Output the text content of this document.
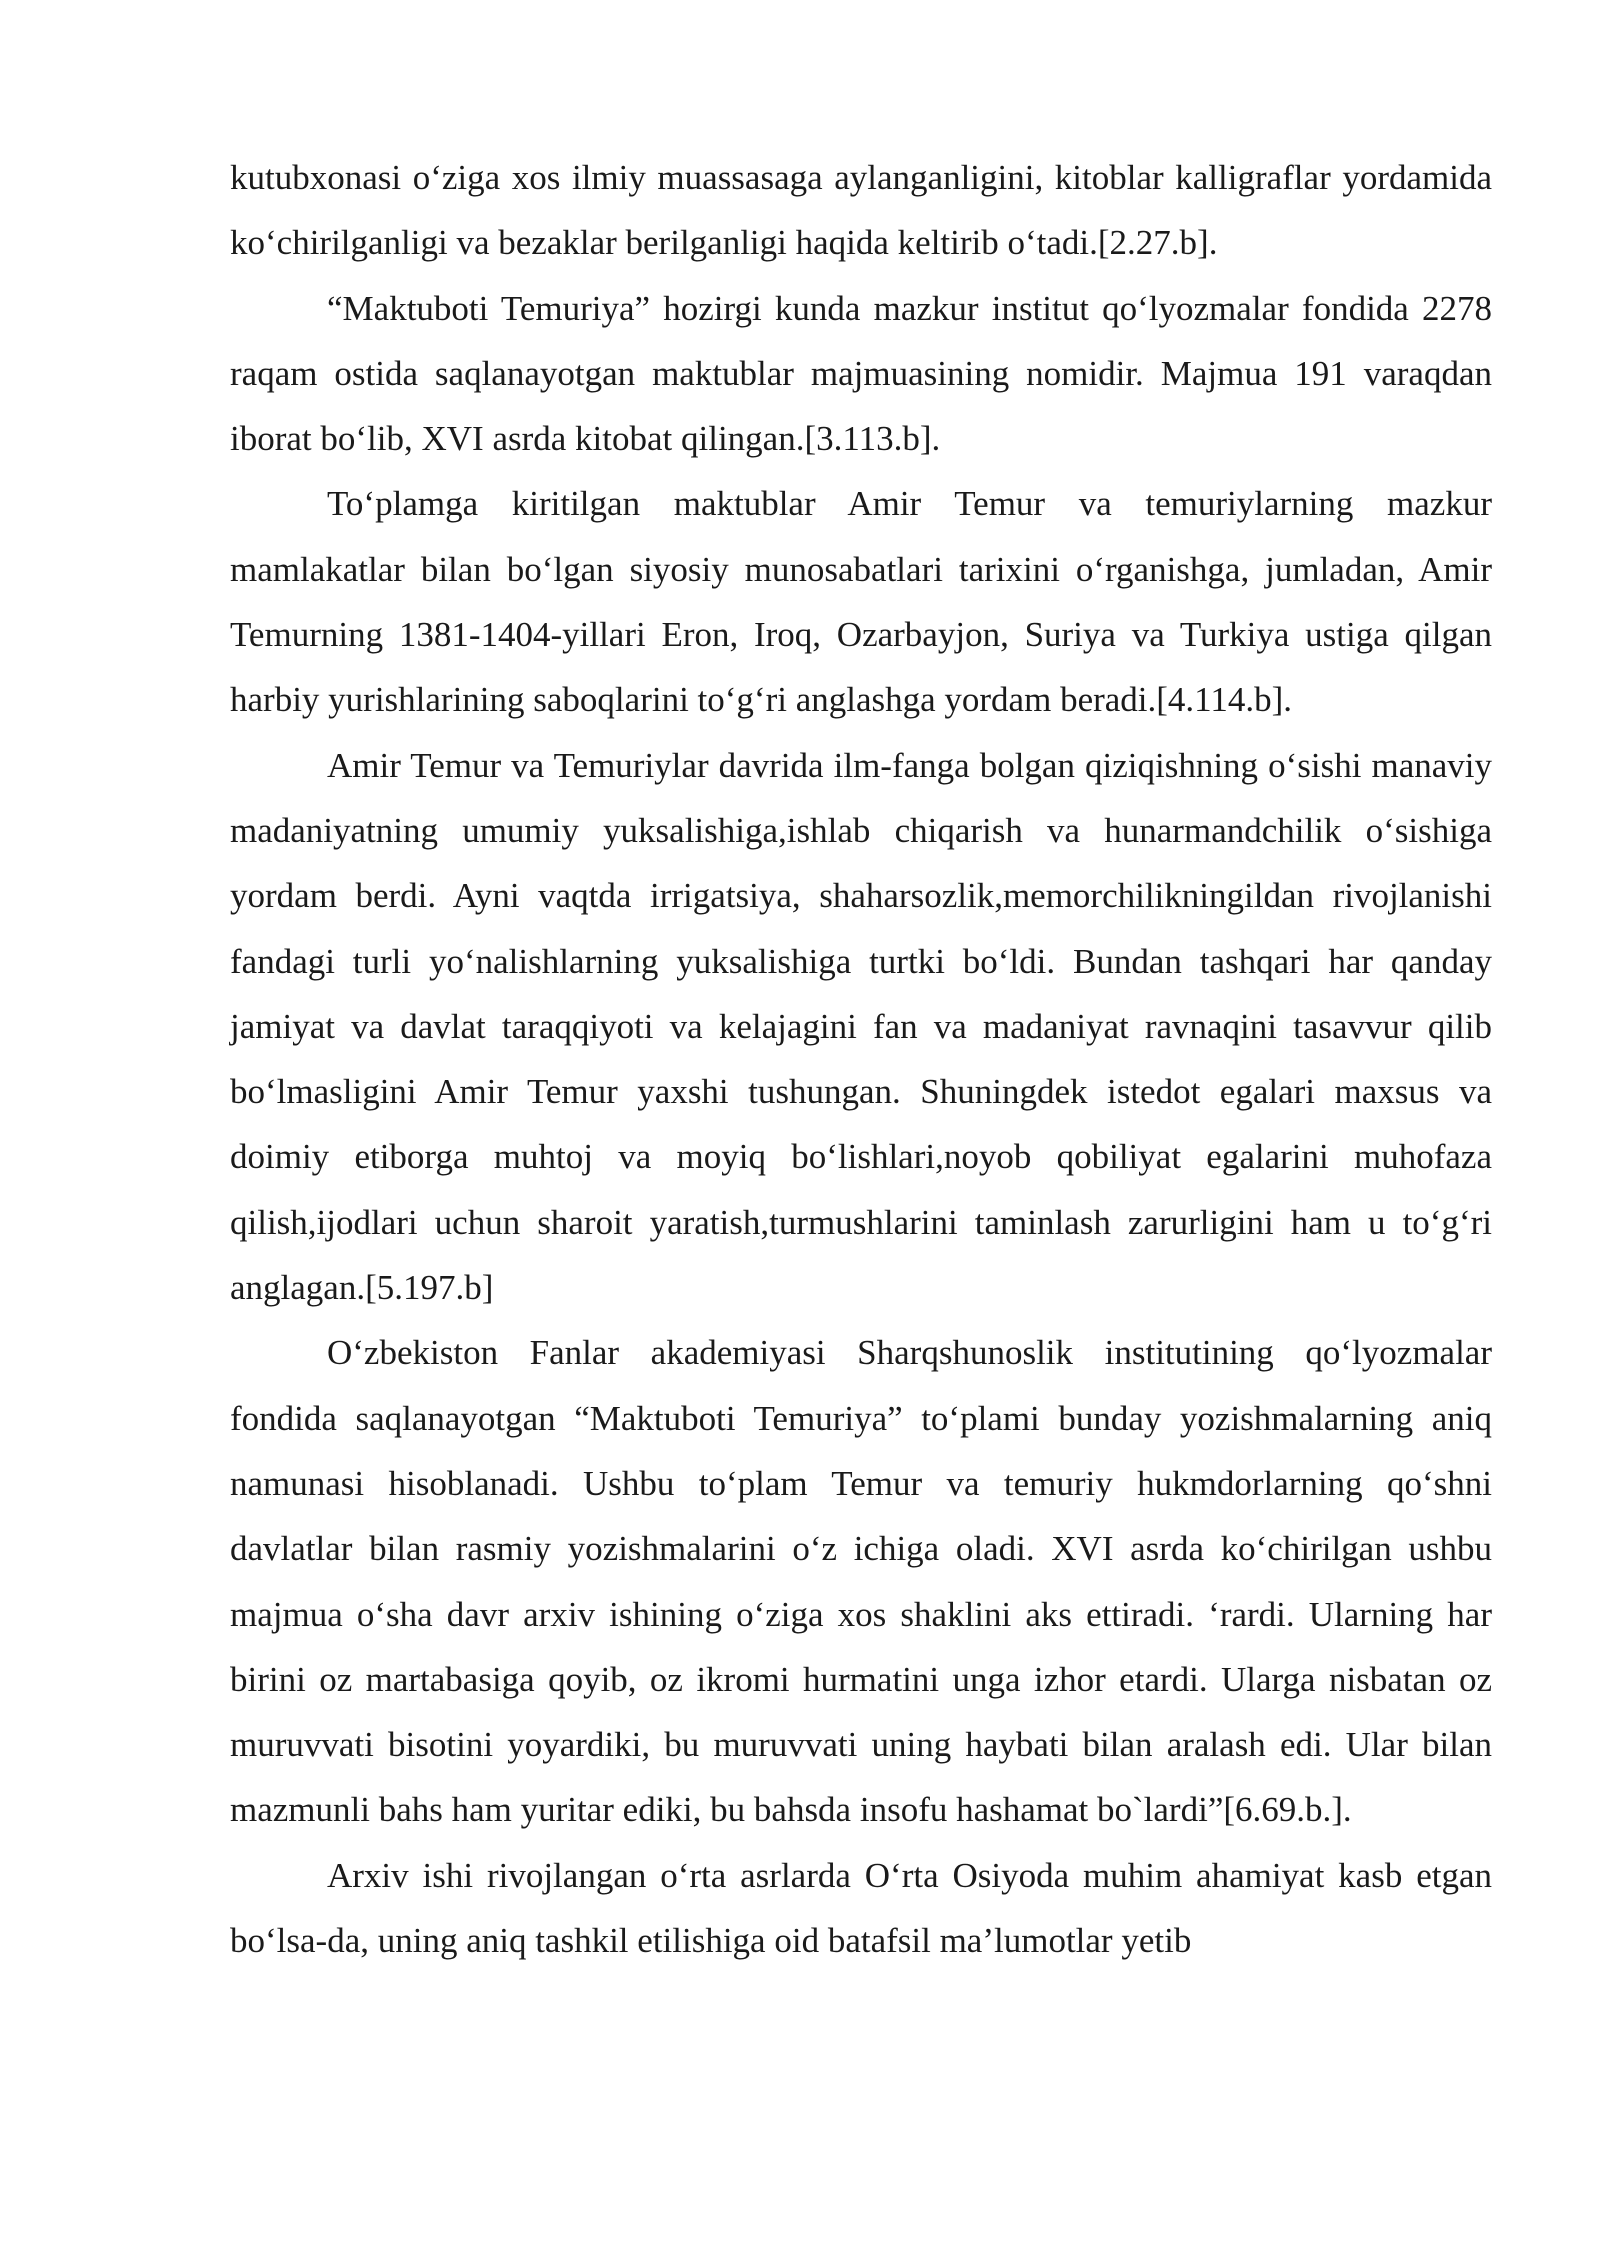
kutubxonasi o‘ziga xos ilmiy muassasaga aylanganligini, kitoblar kalligraflar yordamida ko‘chirilganligi va bezaklar berilganligi haqida keltirib o‘tadi.[2.27.b].

“Maktuboti Temuriya” hozirgi kunda mazkur institut qo‘lyozmalar fondida 2278 raqam ostida saqlanayotgan maktublar majmuasining nomidir. Majmua 191 varaqdan iborat bo‘lib, XVI asrda kitobat qilingan.[3.113.b].

To‘plamga kiritilgan maktublar Amir Temur va temuriylarning mazkur mamlakatlar bilan bo‘lgan siyosiy munosabatlari tarixini o‘rganishga, jumladan, Amir Temurning 1381-1404-yillari Eron, Iroq, Ozarbayjon, Suriya va Turkiya ustiga qilgan harbiy yurishlarining saboqlarini to‘g‘ri anglashga yordam beradi.[4.114.b].

Amir Temur va Temuriylar davrida ilm-fanga bolgan qiziqishning o‘sishi manaviy madaniyatning umumiy yuksalishiga,ishlab chiqarish va hunarmandchilik o‘sishiga yordam berdi. Ayni vaqtda irrigatsiya, shaharsozlik,memorchilikningildan rivojlanishi fandagi turli yo‘nalishlarning yuksalishiga turtki bo‘ldi. Bundan tashqari har qanday jamiyat va davlat taraqqiyoti va kelajagini fan va madaniyat ravnaqini tasavvur qilib bo‘lmasligini Amir Temur yaxshi tushungan. Shuningdek istedot egalari maxsus va doimiy etiborga muhtoj va moyiq bo‘lishlari,noyob qobiliyat egalarini muhofaza qilish,ijodlari uchun sharoit yaratish,turmushlarini taminlash zarurligini ham u to‘g‘ri anglagan.[5.197.b]

O‘zbekiston Fanlar akademiyasi Sharqshunoslik institutining qo‘lyozmalar fondida saqlanayotgan “Maktuboti Temuriya” to‘plami bunday yozishmalarning aniq namunasi hisoblanadi. Ushbu to‘plam Temur va temuriy hukmdorlarning qo‘shni davlatlar bilan rasmiy yozishmalarini o‘z ichiga oladi. XVI asrda ko‘chirilgan ushbu majmua o‘sha davr arxiv ishining o‘ziga xos shaklini aks ettiradi. ‘rardi. Ularning har birini oz martabasiga qoyib, oz ikromi hurmatini unga izhor etardi. Ularga nisbatan oz muruvvati bisotini yoyardiki, bu muruvvati uning haybati bilan aralash edi. Ular bilan mazmunli bahs ham yuritar ediki, bu bahsda insofu hashamat bo`lardi”[6.69.b.].

Arxiv ishi rivojlangan o‘rta asrlarda O‘rta Osiyoda muhim ahamiyat kasb etgan bo‘lsa-da, uning aniq tashkil etilishiga oid batafsil ma’lumotlar yetib
